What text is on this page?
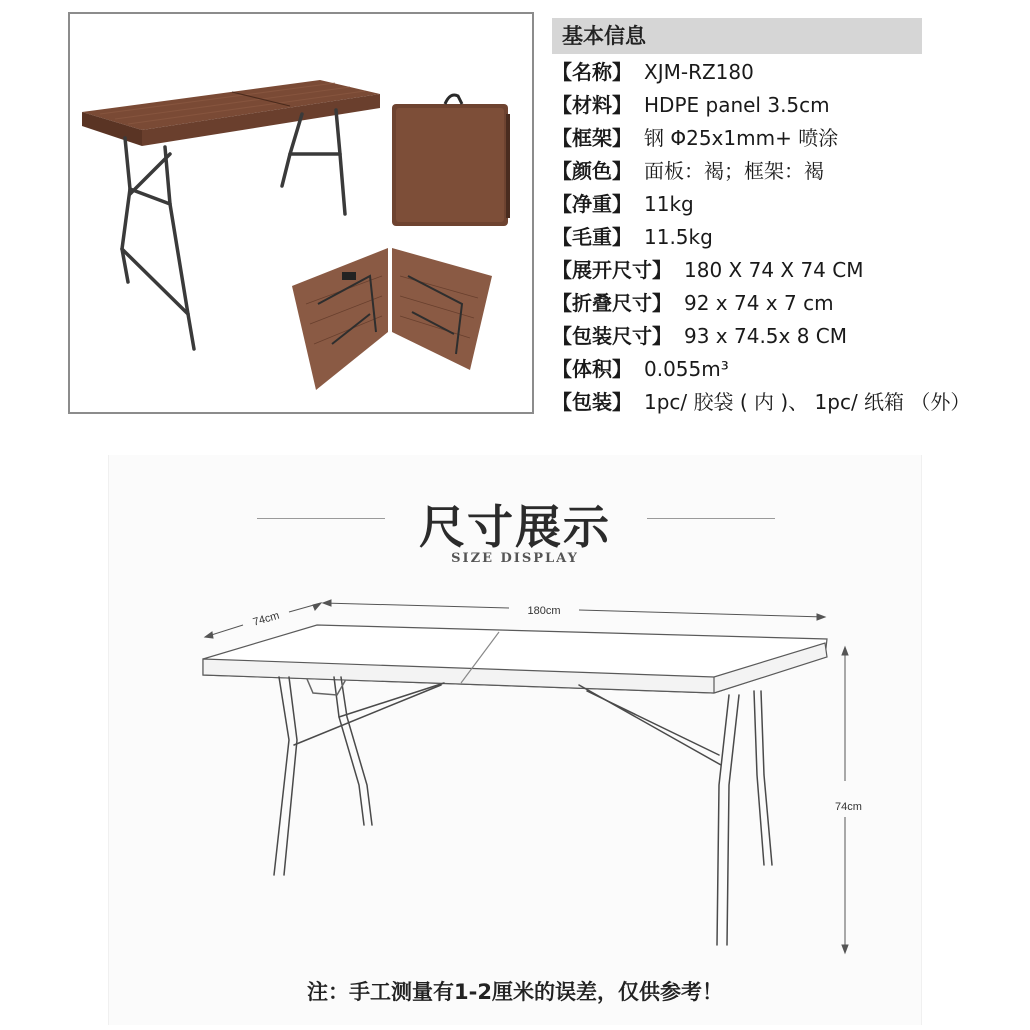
基本信息
【名称】 XJM-RZ180
【材料】 HDPE panel 3.5cm
【框架】 钢 Φ25x1mm+ 喷涂
【颜色】 面板：褐；框架：褐
【净重】 11kg
【毛重】 11.5kg
【展开尺寸】 180 X 74 X 74 CM
【折叠尺寸】 92 x 74 x 7 cm
【包装尺寸】 93 x 74.5x 8 CM
【体积】 0.055m³
【包装】 1pc/ 胶袋 ( 内 )、 1pc/ 纸箱 （外）
尺寸展示
SIZE DISPLAY
180cm
74cm
74cm
注：手工测量有1-2厘米的误差，仅供参考！
